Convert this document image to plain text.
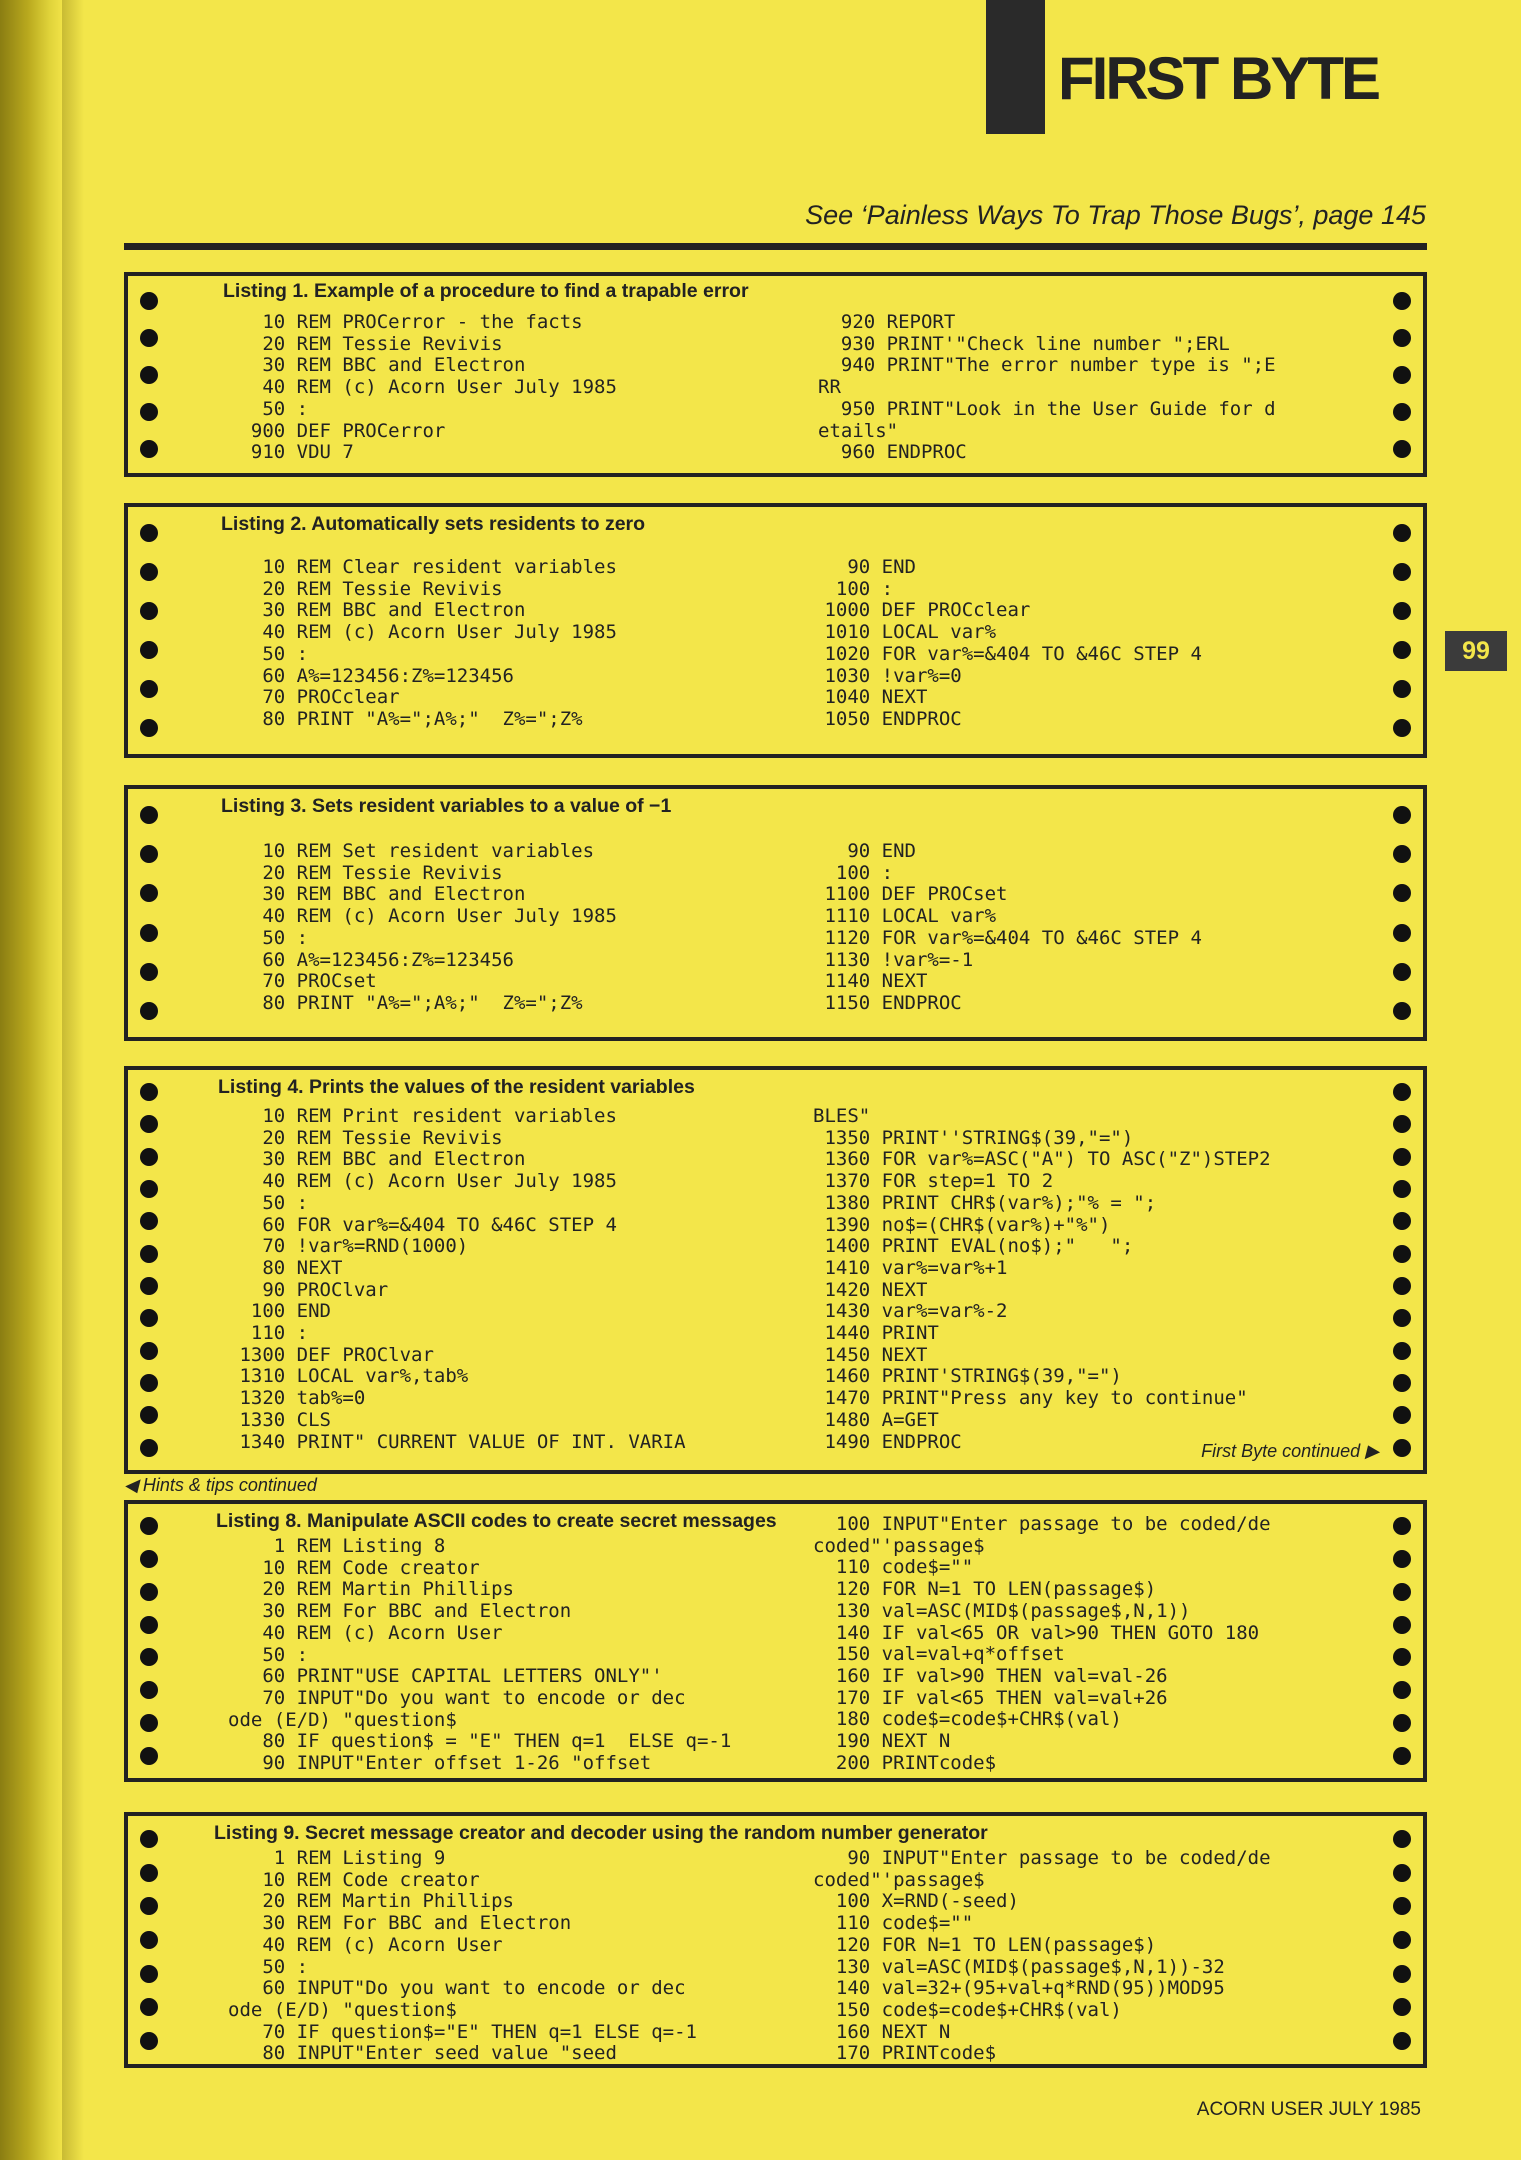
FIRST BYTE
See ‘Painless Ways To Trap Those Bugs’, page 145
99
Listing 1. Example of a procedure to find a trapable error
10 REM PROCerror - the facts
20 REM Tessie Revivis
30 REM BBC and Electron
40 REM (c) Acorn User July 1985
50 :
900 DEF PROCerror
910 VDU 7
920 REPORT
930 PRINT'"Check line number ";ERL
940 PRINT"The error number type is ";E
RR
950 PRINT"Look in the User Guide for d
etails"
960 ENDPROC
Listing 2. Automatically sets residents to zero
10 REM Clear resident variables
20 REM Tessie Revivis
30 REM BBC and Electron
40 REM (c) Acorn User July 1985
50 :
60 A%=123456:Z%=123456
70 PROCclear
80 PRINT "A%=";A%;"  Z%=";Z%
90 END
100 :
1000 DEF PROCclear
1010 LOCAL var%
1020 FOR var%=&404 TO &46C STEP 4
1030 !var%=0
1040 NEXT
1050 ENDPROC
Listing 3. Sets resident variables to a value of −1
10 REM Set resident variables
20 REM Tessie Revivis
30 REM BBC and Electron
40 REM (c) Acorn User July 1985
50 :
60 A%=123456:Z%=123456
70 PROCset
80 PRINT "A%=";A%;"  Z%=";Z%
90 END
100 :
1100 DEF PROCset
1110 LOCAL var%
1120 FOR var%=&404 TO &46C STEP 4
1130 !var%=-1
1140 NEXT
1150 ENDPROC
Listing 4. Prints the values of the resident variables
10 REM Print resident variables
20 REM Tessie Revivis
30 REM BBC and Electron
40 REM (c) Acorn User July 1985
50 :
60 FOR var%=&404 TO &46C STEP 4
70 !var%=RND(1000)
80 NEXT
90 PROClvar
100 END
110 :
1300 DEF PROClvar
1310 LOCAL var%,tab%
1320 tab%=0
1330 CLS
1340 PRINT" CURRENT VALUE OF INT. VARIA
BLES"
1350 PRINT''STRING$(39,"=")
1360 FOR var%=ASC("A") TO ASC("Z")STEP2
1370 FOR step=1 TO 2
1380 PRINT CHR$(var%);"% = ";
1390 no$=(CHR$(var%)+"%")
1400 PRINT EVAL(no$);"   ";
1410 var%=var%+1
1420 NEXT
1430 var%=var%-2
1440 PRINT
1450 NEXT
1460 PRINT'STRING$(39,"=")
1470 PRINT"Press any key to continue"
1480 A=GET
1490 ENDPROC	First Byte continued ▶
◀ Hints & tips continued
Listing 8. Manipulate ASCII codes to create secret messages
1 REM Listing 8
10 REM Code creator
20 REM Martin Phillips
30 REM For BBC and Electron
40 REM (c) Acorn User
50 :
60 PRINT"USE CAPITAL LETTERS ONLY"'
70 INPUT"Do you want to encode or dec
ode (E/D) "question$
80 IF question$ = "E" THEN q=1  ELSE q=-1
90 INPUT"Enter offset 1-26 "offset
100 INPUT"Enter passage to be coded/de
coded"'passage$
110 code$=""
120 FOR N=1 TO LEN(passage$)
130 val=ASC(MID$(passage$,N,1))
140 IF val<65 OR val>90 THEN GOTO 180
150 val=val+q*offset
160 IF val>90 THEN val=val-26
170 IF val<65 THEN val=val+26
180 code$=code$+CHR$(val)
190 NEXT N
200 PRINTcode$
Listing 9. Secret message creator and decoder using the random number generator
1 REM Listing 9
10 REM Code creator
20 REM Martin Phillips
30 REM For BBC and Electron
40 REM (c) Acorn User
50 :
60 INPUT"Do you want to encode or dec
ode (E/D) "question$
70 IF question$="E" THEN q=1 ELSE q=-1
80 INPUT"Enter seed value "seed
90 INPUT"Enter passage to be coded/de
coded"'passage$
100 X=RND(-seed)
110 code$=""
120 FOR N=1 TO LEN(passage$)
130 val=ASC(MID$(passage$,N,1))-32
140 val=32+(95+val+q*RND(95))MOD95
150 code$=code$+CHR$(val)
160 NEXT N
170 PRINTcode$
ACORN USER JULY 1985
